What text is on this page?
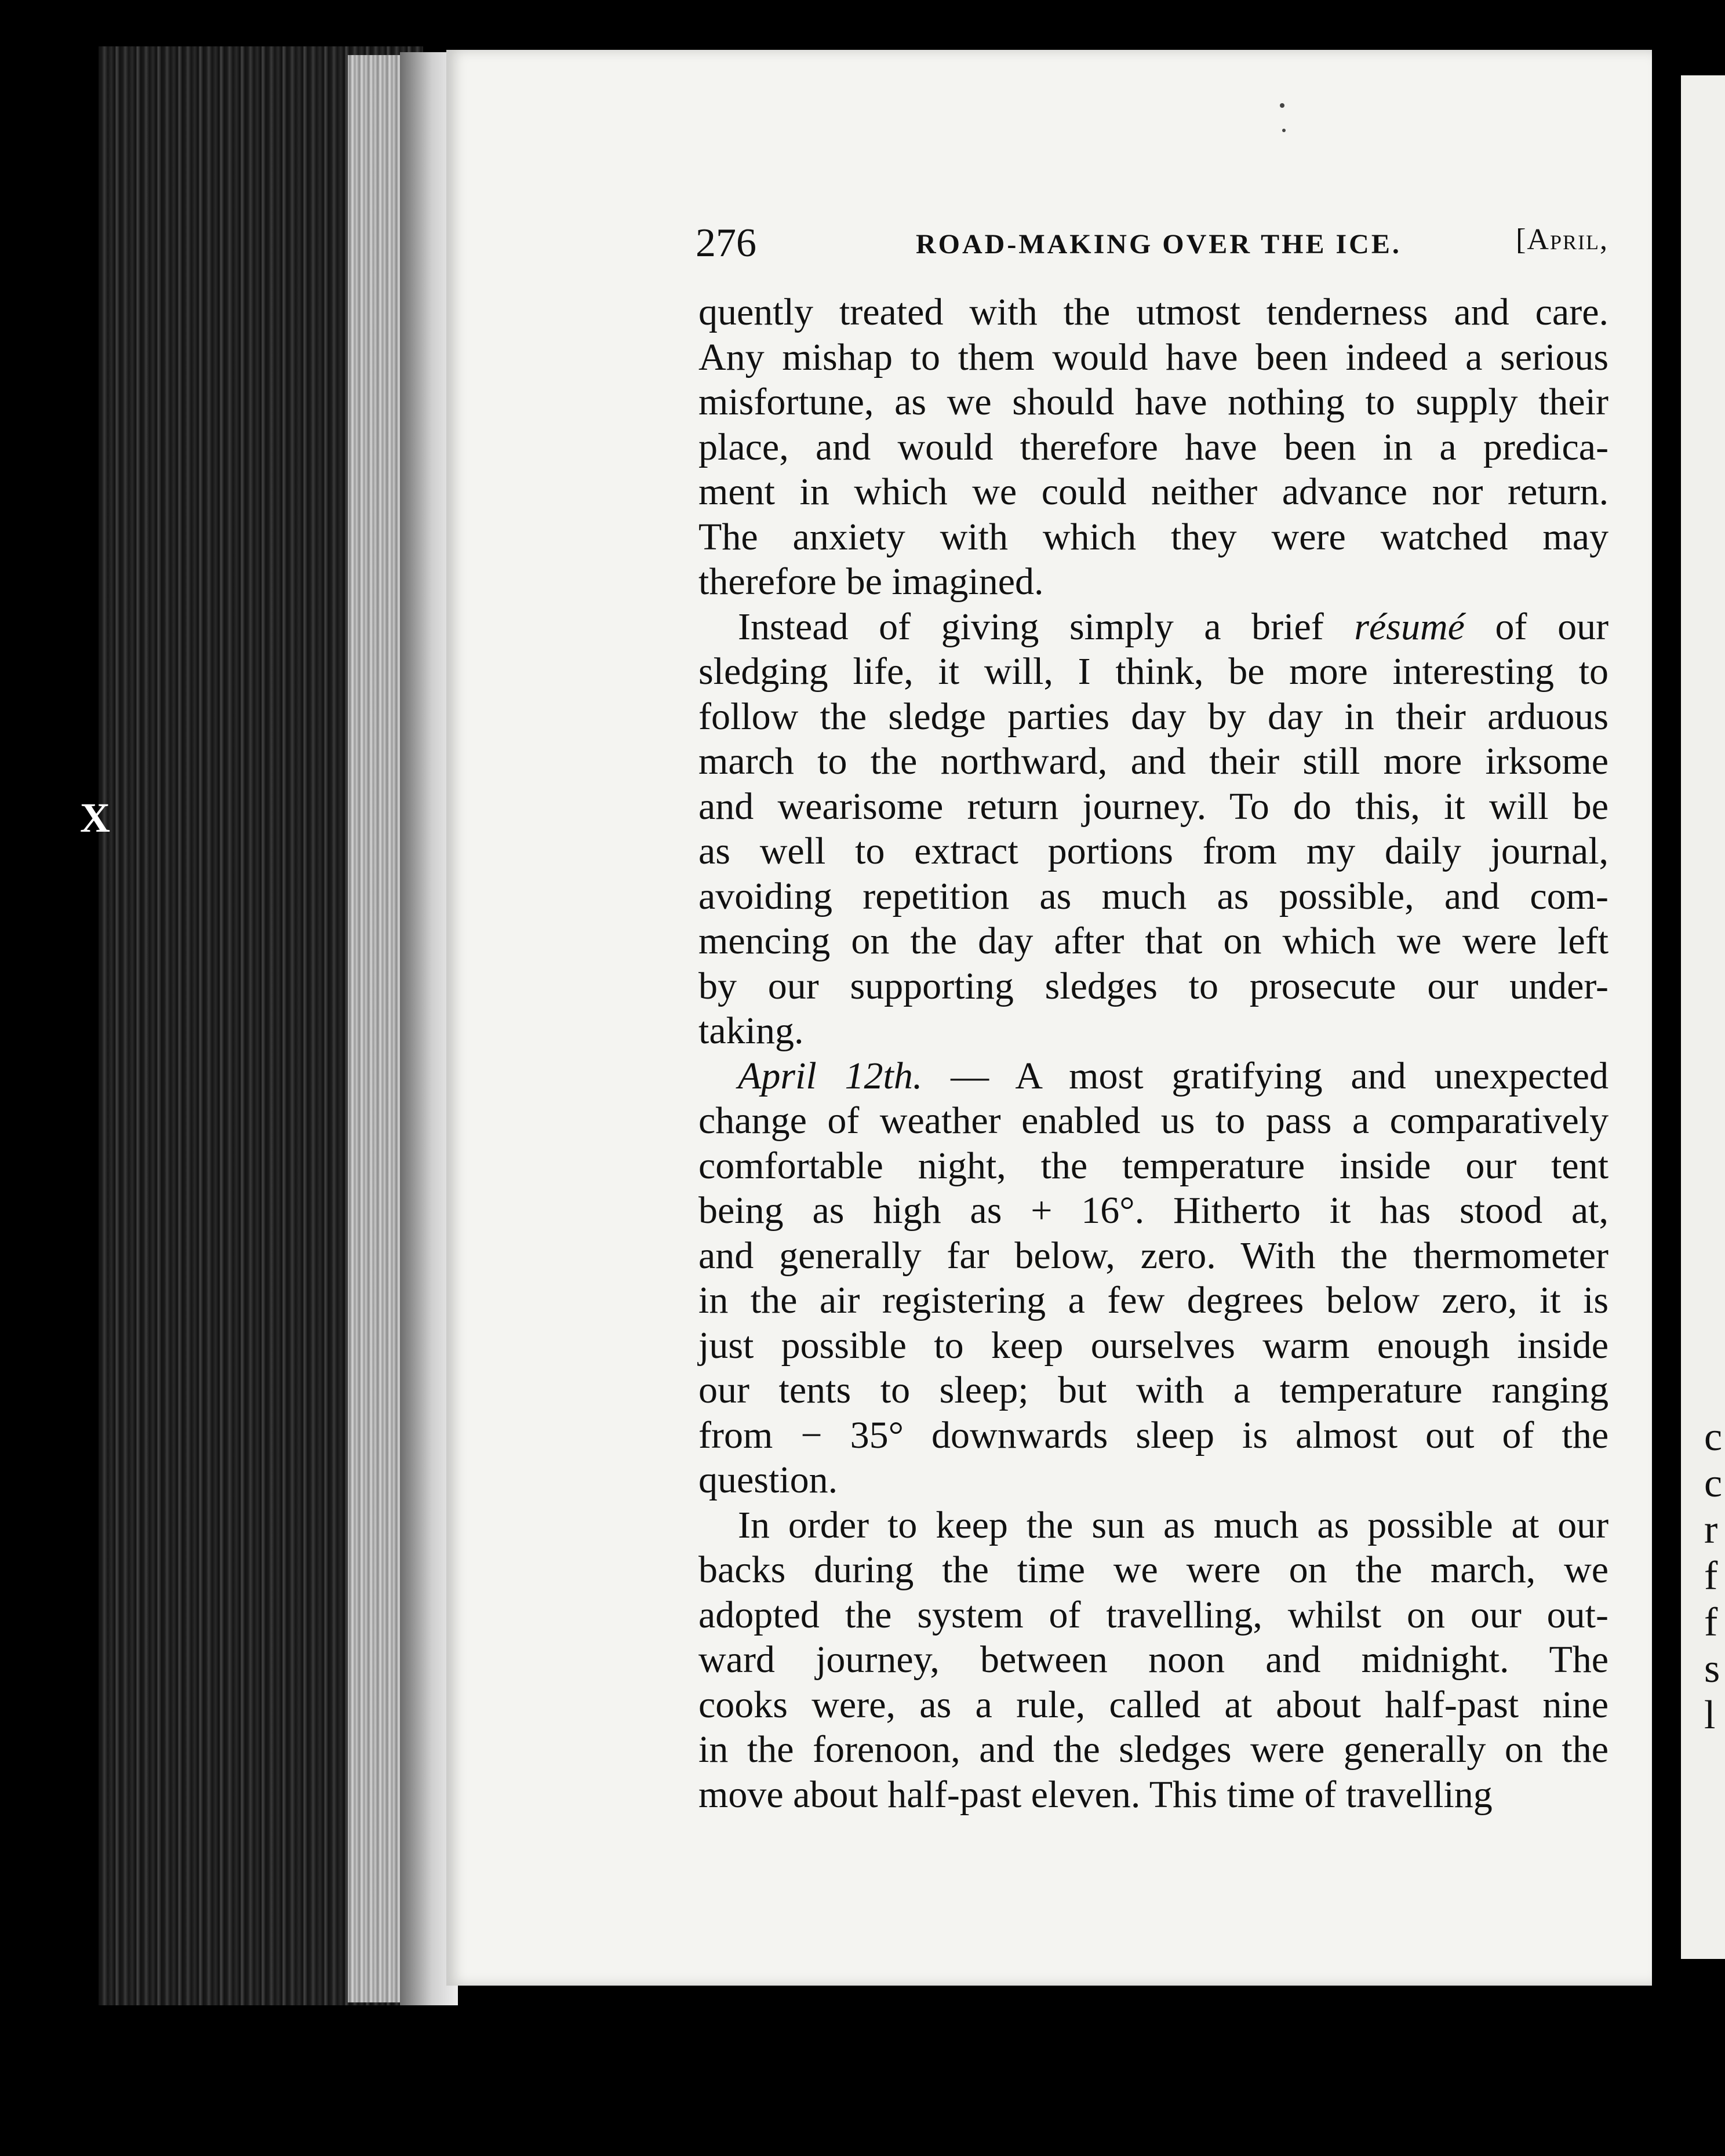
c
c
r
f
f
s
l
X
276	ROAD-MAKING OVER THE ICE.	[April,
quently treated with the utmost tenderness and care.
Any mishap to them would have been indeed a serious
misfortune, as we should have nothing to supply their
place, and would therefore have been in a predica-
ment in which we could neither advance nor return.
The anxiety with which they were watched may
therefore be imagined.
Instead of giving simply a brief résumé of our
sledging life, it will, I think, be more interesting to
follow the sledge parties day by day in their arduous
march to the northward, and their still more irksome
and wearisome return journey. To do this, it will be
as well to extract portions from my daily journal,
avoiding repetition as much as possible, and com-
mencing on the day after that on which we were left
by our supporting sledges to prosecute our under-
taking.
April 12th. — A most gratifying and unexpected
change of weather enabled us to pass a comparatively
comfortable night, the temperature inside our tent
being as high as + 16°. Hitherto it has stood at,
and generally far below, zero. With the thermometer
in the air registering a few degrees below zero, it is
just possible to keep ourselves warm enough inside
our tents to sleep; but with a temperature ranging
from − 35° downwards sleep is almost out of the
question.
In order to keep the sun as much as possible at our
backs during the time we were on the march, we
adopted the system of travelling, whilst on our out-
ward journey, between noon and midnight. The
cooks were, as a rule, called at about half-past nine
in the forenoon, and the sledges were generally on the
move about half-past eleven. This time of travelling
